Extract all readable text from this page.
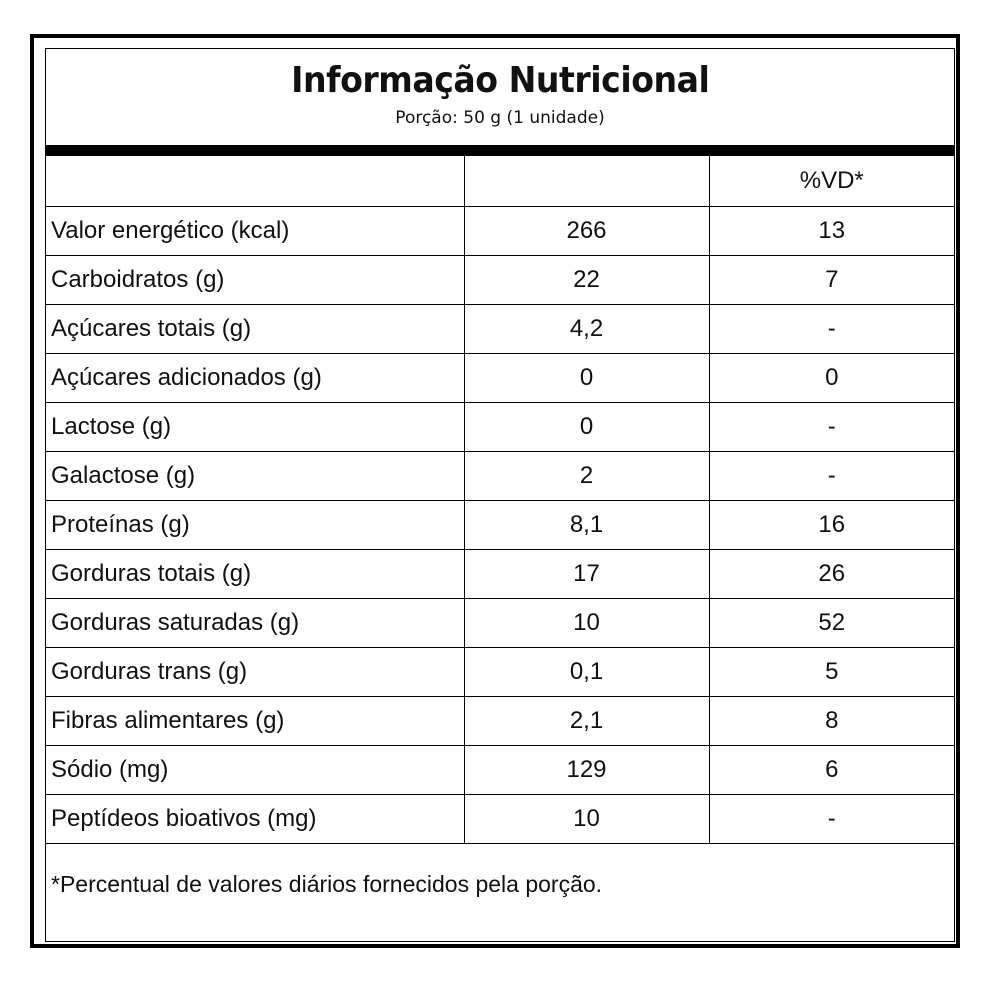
Informação Nutricional
Porção: 50 g (1 unidade)
		%VD*
Valor energético (kcal)	266	13
Carboidratos (g)	22	7
Açúcares totais (g)	4,2	-
Açúcares adicionados (g)	0	0
Lactose (g)	0	-
Galactose (g)	2	-
Proteínas (g)	8,1	16
Gorduras totais (g)	17	26
Gorduras saturadas (g)	10	52
Gorduras trans (g)	0,1	5
Fibras alimentares (g)	2,1	8
Sódio (mg)	129	6
Peptídeos bioativos (mg)	10	-
*Percentual de valores diários fornecidos pela porção.
